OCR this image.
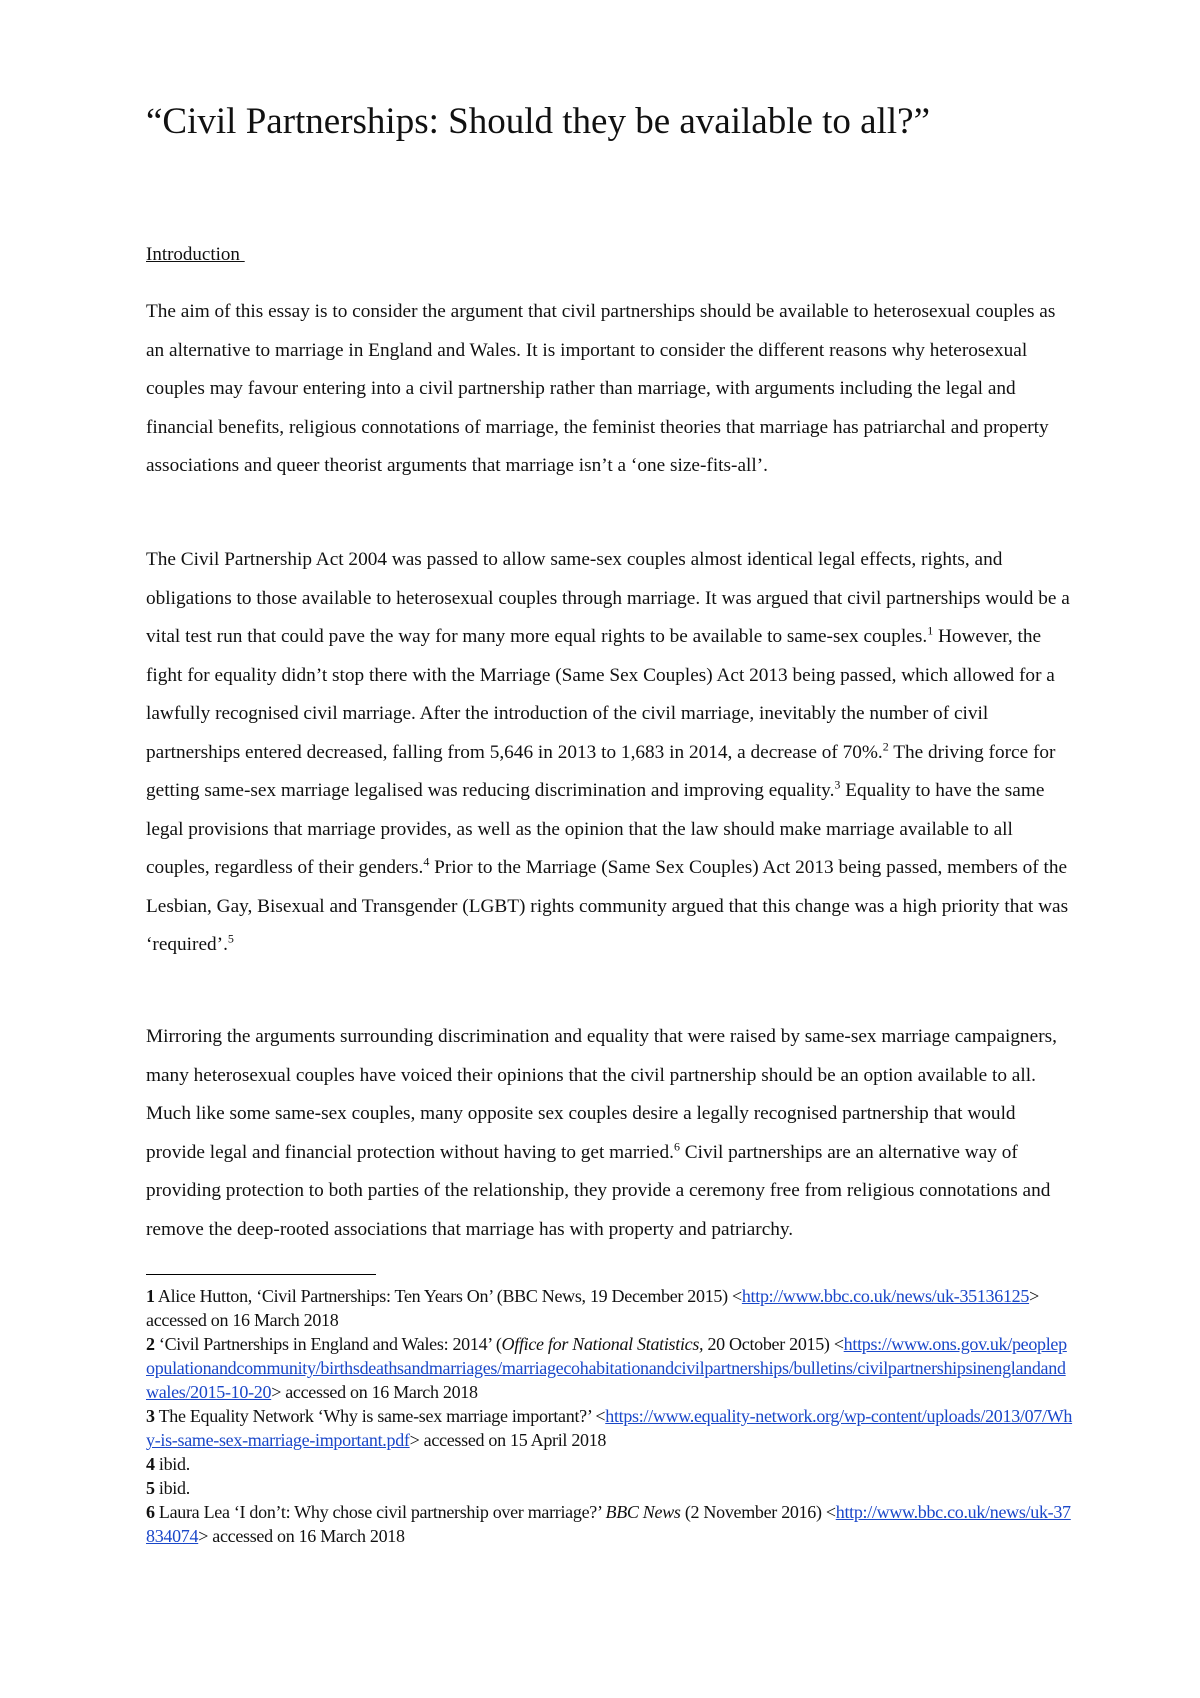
“Civil Partnerships: Should they be available to all?”
Introduction

The aim of this essay is to consider the argument that civil partnerships should be available to heterosexual couples as an alternative to marriage in England and Wales. It is important to consider the different reasons why heterosexual couples may favour entering into a civil partnership rather than marriage, with arguments including the legal and financial benefits, religious connotations of marriage, the feminist theories that marriage has patriarchal and property associations and queer theorist arguments that marriage isn’t a ‘one size-fits-all’.

The Civil Partnership Act 2004 was passed to allow same-sex couples almost identical legal effects, rights, and obligations to those available to heterosexual couples through marriage. It was argued that civil partnerships would be a vital test run that could pave the way for many more equal rights to be available to same-sex couples.$^1$ However, the fight for equality didn’t stop there with the Marriage (Same Sex Couples) Act 2013 being passed, which allowed for a lawfully recognised civil marriage. After the introduction of the civil marriage, inevitably the number of civil partnerships entered decreased, falling from 5,646 in 2013 to 1,683 in 2014, a decrease of 70%.$^2$ The driving force for getting same-sex marriage legalised was reducing discrimination and improving equality.$^3$ Equality to have the same legal provisions that marriage provides, as well as the opinion that the law should make marriage available to all couples, regardless of their genders.$^4$ Prior to the Marriage (Same Sex Couples) Act 2013 being passed, members of the Lesbian, Gay, Bisexual and Transgender (LGBT) rights community argued that this change was a high priority that was ‘required’.$^5$

Mirroring the arguments surrounding discrimination and equality that were raised by same-sex marriage campaigners, many heterosexual couples have voiced their opinions that the civil partnership should be an option available to all. Much like some same-sex couples, many opposite sex couples desire a legally recognised partnership that would provide legal and financial protection without having to get married.$^6$ Civil partnerships are an alternative way of providing protection to both parties of the relationship, they provide a ceremony free from religious connotations and remove the deep-rooted associations that marriage has with property and patriarchy.

1 Alice Hutton, ‘Civil Partnerships: Ten Years On’ (BBC News, 19 December 2015) <http://www.bbc.co.uk/news/uk-35136125> accessed on 16 March 2018

2 ‘Civil Partnerships in England and Wales: 2014’ (Office for National Statistics, 20 October 2015) <https://www.ons.gov.uk/peoplepopulationandcommunity/birthsdeathsandmarriages/marriagecohabitationandcivilpartnerships/bulletins/civilpartnershipsinenglandandwales/2015-10-20> accessed on 16 March 2018

3 The Equality Network ‘Why is same-sex marriage important?’ <https://www.equality-network.org/wp-content/uploads/2013/07/Why-is-same-sex-marriage-important.pdf> accessed on 15 April 2018

4 ibid.

5 ibid.

6 Laura Lea ‘I don’t: Why chose civil partnership over marriage?’ BBC News (2 November 2016) <http://www.bbc.co.uk/news/uk-37834074> accessed on 16 March 2018
